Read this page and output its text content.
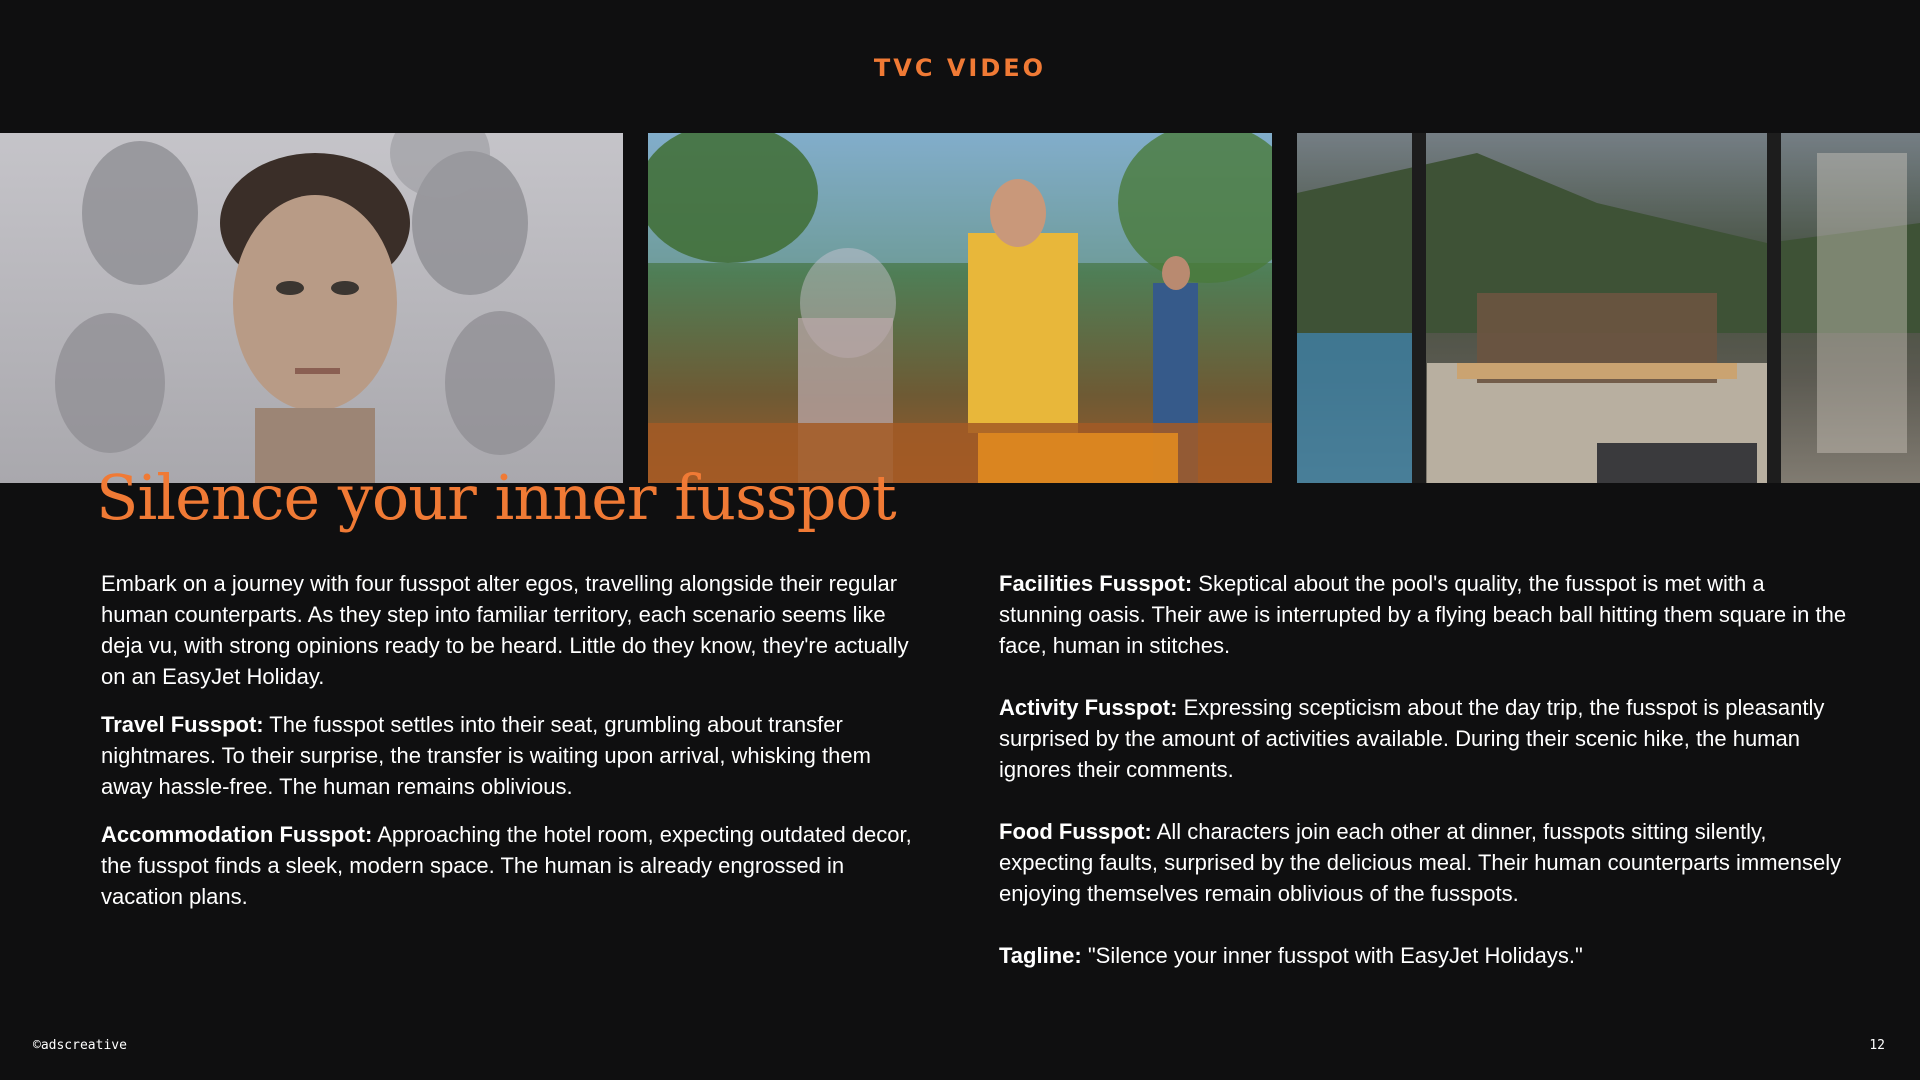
TVC VIDEO
Silence your inner fusspot

Embark on a journey with four fusspot alter egos, travelling alongside their regular human counterparts. As they step into familiar territory, each scenario seems like deja vu, with strong opinions ready to be heard. Little do they know, they're actually on an EasyJet Holiday.

Travel Fusspot: The fusspot settles into their seat, grumbling about transfer nightmares. To their surprise, the transfer is waiting upon arrival, whisking them away hassle-free. The human remains oblivious.

Accommodation Fusspot: Approaching the hotel room, expecting outdated decor, the fusspot finds a sleek, modern space. The human is already engrossed in vacation plans.

Facilities Fusspot: Skeptical about the pool's quality, the fusspot is met with a stunning oasis. Their awe is interrupted by a flying beach ball hitting them square in the face, human in stitches.

Activity Fusspot: Expressing scepticism about the day trip, the fusspot is pleasantly surprised by the amount of activities available. During their scenic hike, the human ignores their comments.

Food Fusspot: All characters join each other at dinner, fusspots sitting silently, expecting faults, surprised by the delicious meal. Their human counterparts immensely enjoying themselves remain oblivious of the fusspots.

Tagline: "Silence your inner fusspot with EasyJet Holidays."

©adscreative	12
